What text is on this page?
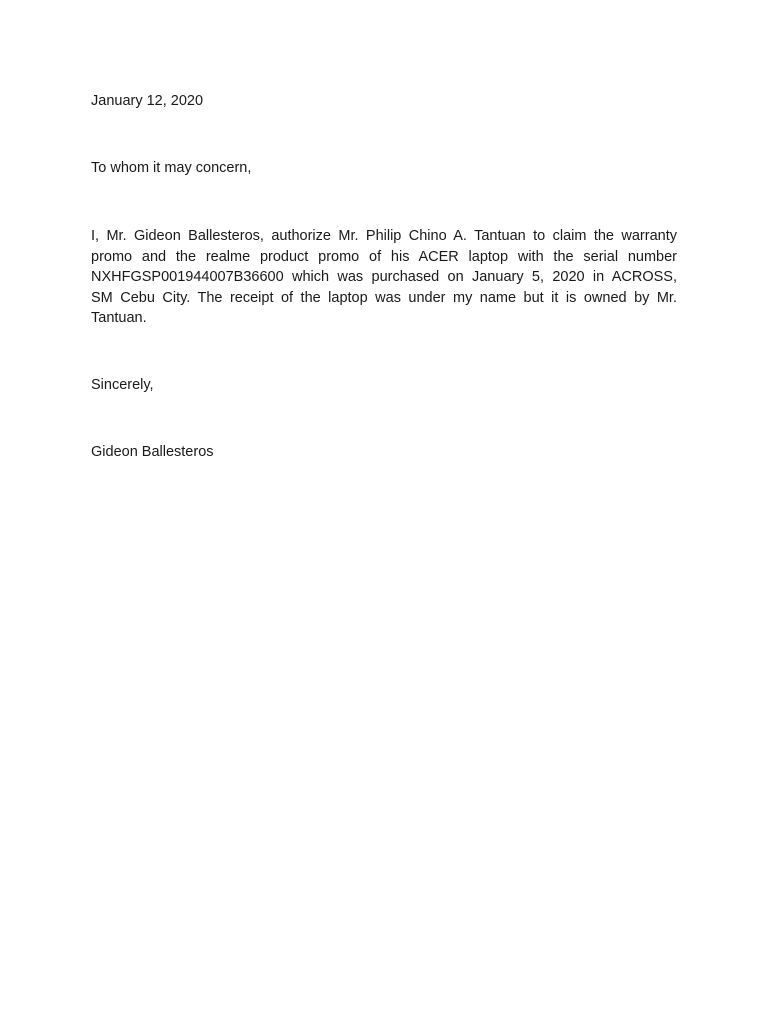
January 12, 2020
To whom it may concern,
I, Mr. Gideon Ballesteros, authorize Mr. Philip Chino A. Tantuan to claim the warranty
promo and the realme product promo of his ACER laptop with the serial number
NXHFGSP001944007B36600 which was purchased on January 5, 2020 in ACROSS,
SM Cebu City. The receipt of the laptop was under my name but it is owned by Mr.
Tantuan.
Sincerely,
Gideon Ballesteros
